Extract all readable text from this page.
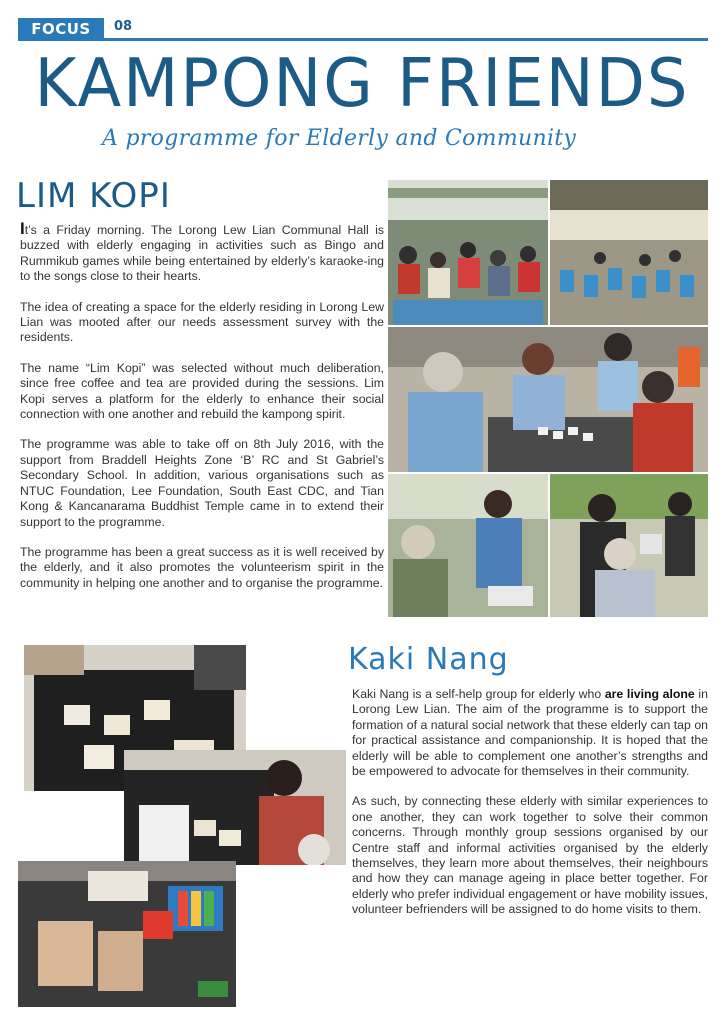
FOCUS	08
KAMPONG FRIENDS
A programme for Elderly and Community
LIM KOPI

It’s a Friday morning. The Lorong Lew Lian Communal Hall is buzzed with elderly engaging in activities such as Bingo and Rummikub games while being entertained by elderly’s karaoke-ing to the songs close to their hearts.

The idea of creating a space for the elderly residing in Lorong Lew Lian was mooted after our needs assessment survey with the residents.

The name “Lim Kopi” was selected without much deliberation, since free coffee and tea are provided during the sessions. Lim Kopi serves a platform for the elderly to enhance their social connection with one another and rebuild the kampong spirit.

The programme was able to take off on 8th July 2016, with the support from Braddell Heights Zone ‘B’ RC and St Gabriel’s Secondary School. In addition, various organisations such as NTUC Foundation, Lee Foundation, South East CDC, and Tian Kong & Kancanarama Buddhist Temple came in to extend their support to the programme.

The programme has been a great success as it is well received by the elderly, and it also promotes the volunteerism spirit in the community in helping one another and to organise the programme.

Kaki Nang

Kaki Nang is a self-help group for elderly who are living alone in Lorong Lew Lian. The aim of the programme is to support the formation of a natural social network that these elderly can tap on for practical assistance and companionship. It is hoped that the elderly will be able to complement one another’s strengths and be empowered to advocate for themselves in their community.

As such, by connecting these elderly with similar experiences to one another, they can work together to solve their common concerns. Through monthly group sessions organised by our Centre staff and informal activities organised by the elderly themselves, they learn more about themselves, their neighbours and how they can manage ageing in place better together. For elderly who prefer individual engagement or have mobility issues, volunteer befrienders will be assigned to do home visits to them.
